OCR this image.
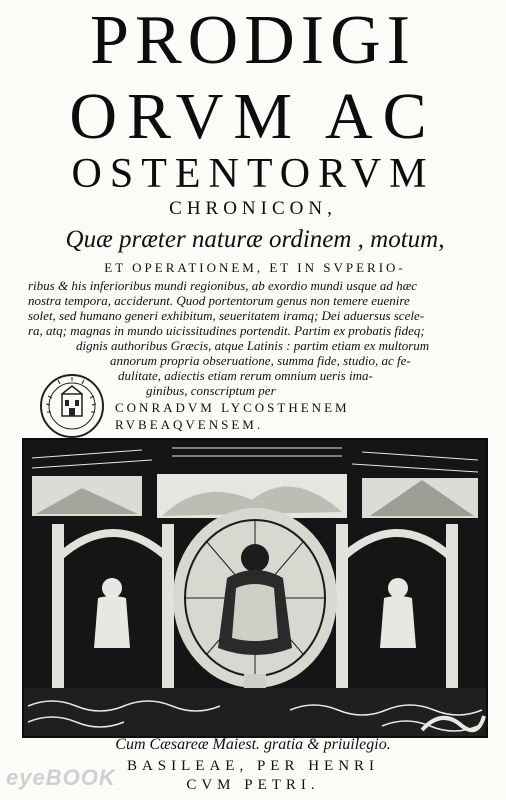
PRODIGI
ORVM AC
OSTENTORVM
CHRONICON,
Quæ præter naturæ ordinem , motum,
ET OPERATIONEM, ET IN SVPERIO-
ribus & his inferioribus mundi regionibus, ab exordio mundi usque ad hæc
nostra tempora, acciderunt. Quod portentorum genus non temere euenire
solet, sed humano generi exhibitum, seueritatem iramq; Dei aduersus scele-
ra, atq; magnas in mundo uicissitudines portendit. Partim ex probatis fideq;
dignis authoribus Græcis, atque Latinis : partim etiam ex multorum
annorum propria obseruatione, summa fide, studio, ac fe-
dulitate, adiectis etiam rerum omnium ueris ima-
ginibus, conscriptum per
CONRADVM LYCOSTHENEM
RVBEAQVENSEM.
Cum Cæsareæ Maiest. gratia & priuilegio.
BASILEAE, PER HENRI
CVM PETRI.
eyeBOOK
